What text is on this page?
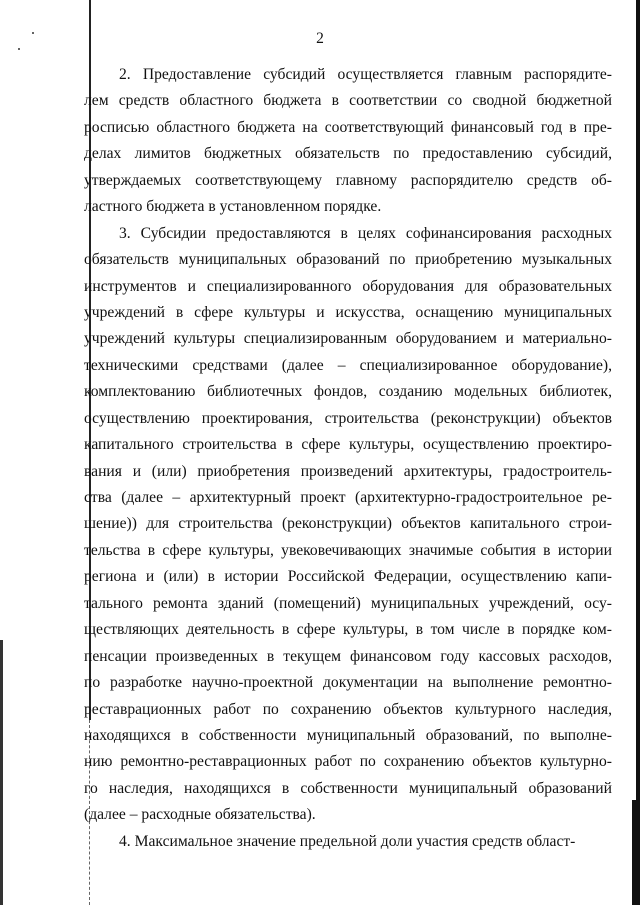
2
2. Предоставление субсидий осуществляется главным распорядите-
лем средств областного бюджета в соответствии со сводной бюджетной
росписью областного бюджета на соответствующий финансовый год в пре-
делах лимитов бюджетных обязательств по предоставлению субсидий,
утверждаемых соответствующему главному распорядителю средств об-
ластного бюджета в установленном порядке.
3. Субсидии предоставляются в целях софинансирования расходных
обязательств муниципальных образований по приобретению музыкальных
инструментов и специализированного оборудования для образовательных
учреждений в сфере культуры и искусства, оснащению муниципальных
учреждений культуры специализированным оборудованием и материально-
техническими средствами (далее – специализированное оборудование),
комплектованию библиотечных фондов, созданию модельных библиотек,
осуществлению проектирования, строительства (реконструкции) объектов
капитального строительства в сфере культуры, осуществлению проектиро-
вания и (или) приобретения произведений архитектуры, градостроитель-
ства (далее – архитектурный проект (архитектурно-градостроительное ре-
шение)) для строительства (реконструкции) объектов капитального строи-
тельства в сфере культуры, увековечивающих значимые события в истории
региона и (или) в истории Российской Федерации, осуществлению капи-
тального ремонта зданий (помещений) муниципальных учреждений, осу-
ществляющих деятельность в сфере культуры, в том числе в порядке ком-
пенсации произведенных в текущем финансовом году кассовых расходов,
по разработке научно-проектной документации на выполнение ремонтно-
реставрационных работ по сохранению объектов культурного наследия,
находящихся в собственности муниципальный образований, по выполне-
нию ремонтно-реставрационных работ по сохранению объектов культурно-
го наследия, находящихся в собственности муниципальный образований
(далее – расходные обязательства).
4. Максимальное значение предельной доли участия средств област-
